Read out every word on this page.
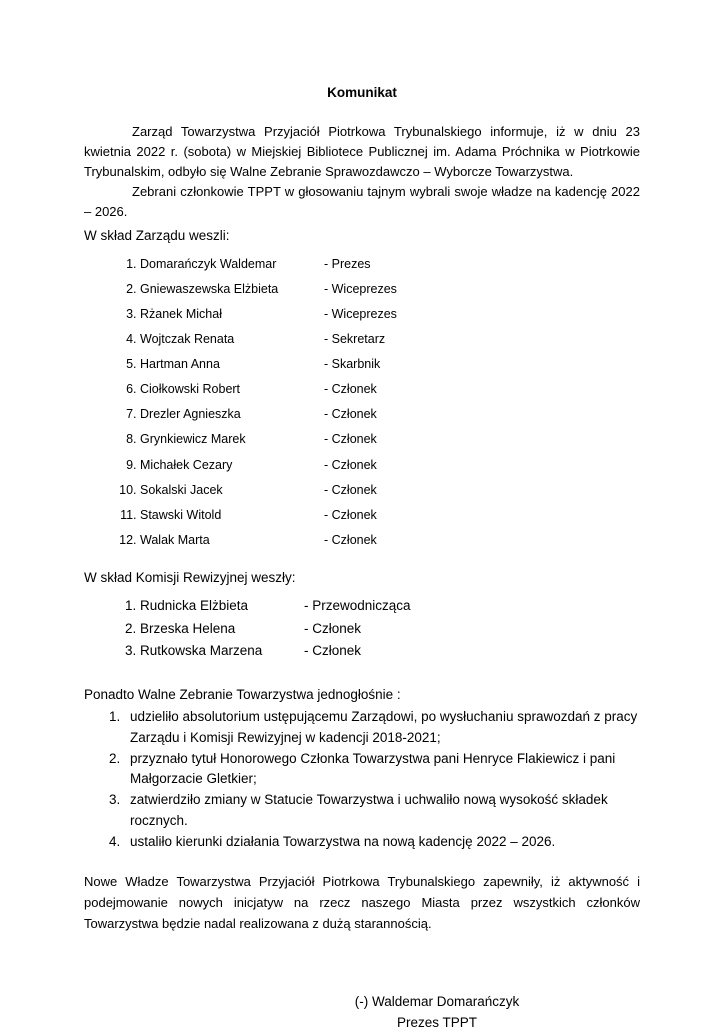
Komunikat

Zarząd Towarzystwa Przyjaciół Piotrkowa Trybunalskiego informuje, iż w dniu 23 kwietnia 2022 r. (sobota) w Miejskiej Bibliotece Publicznej im. Adama Próchnika w Piotrkowie Trybunalskim, odbyło się Walne Zebranie Sprawozdawczo – Wyborcze Towarzystwa.

Zebrani członkowie TPPT w głosowaniu tajnym wybrali swoje władze na kadencję 2022 – 2026.

W skład Zarządu weszli:

1. Domarańczyk Waldemar	- Prezes
2. Gniewaszewska Elżbieta	- Wiceprezes
3. Rżanek Michał	- Wiceprezes
4. Wojtczak Renata	- Sekretarz
5. Hartman Anna	- Skarbnik
6. Ciołkowski Robert	- Członek
7. Drezler Agnieszka	- Członek
8. Grynkiewicz Marek	- Członek
9. Michałek Cezary	- Członek
10. Sokalski Jacek	- Członek
11. Stawski Witold	- Członek
12. Walak Marta	- Członek

W skład Komisji Rewizyjnej weszły:

1. Rudnicka Elżbieta	- Przewodnicząca
2. Brzeska Helena	- Członek
3. Rutkowska Marzena	- Członek

Ponadto Walne Zebranie Towarzystwa jednogłośnie :

1. udzieliło absolutorium ustępującemu Zarządowi, po wysłuchaniu sprawozdań z pracy Zarządu i Komisji Rewizyjnej w kadencji 2018-2021;
2. przyznało tytuł Honorowego Członka Towarzystwa pani Henryce Flakiewicz i pani Małgorzacie Gletkier;
3. zatwierdziło zmiany w Statucie Towarzystwa i uchwaliło nową wysokość składek rocznych.
4. ustaliło kierunki działania Towarzystwa na nową kadencję 2022 – 2026.

Nowe Władze Towarzystwa Przyjaciół Piotrkowa Trybunalskiego zapewniły, iż aktywność i podejmowanie nowych inicjatyw na rzecz naszego Miasta przez wszystkich członków Towarzystwa będzie nadal realizowana z dużą starannością.

(-) Waldemar Domarańczyk
Prezes TPPT
